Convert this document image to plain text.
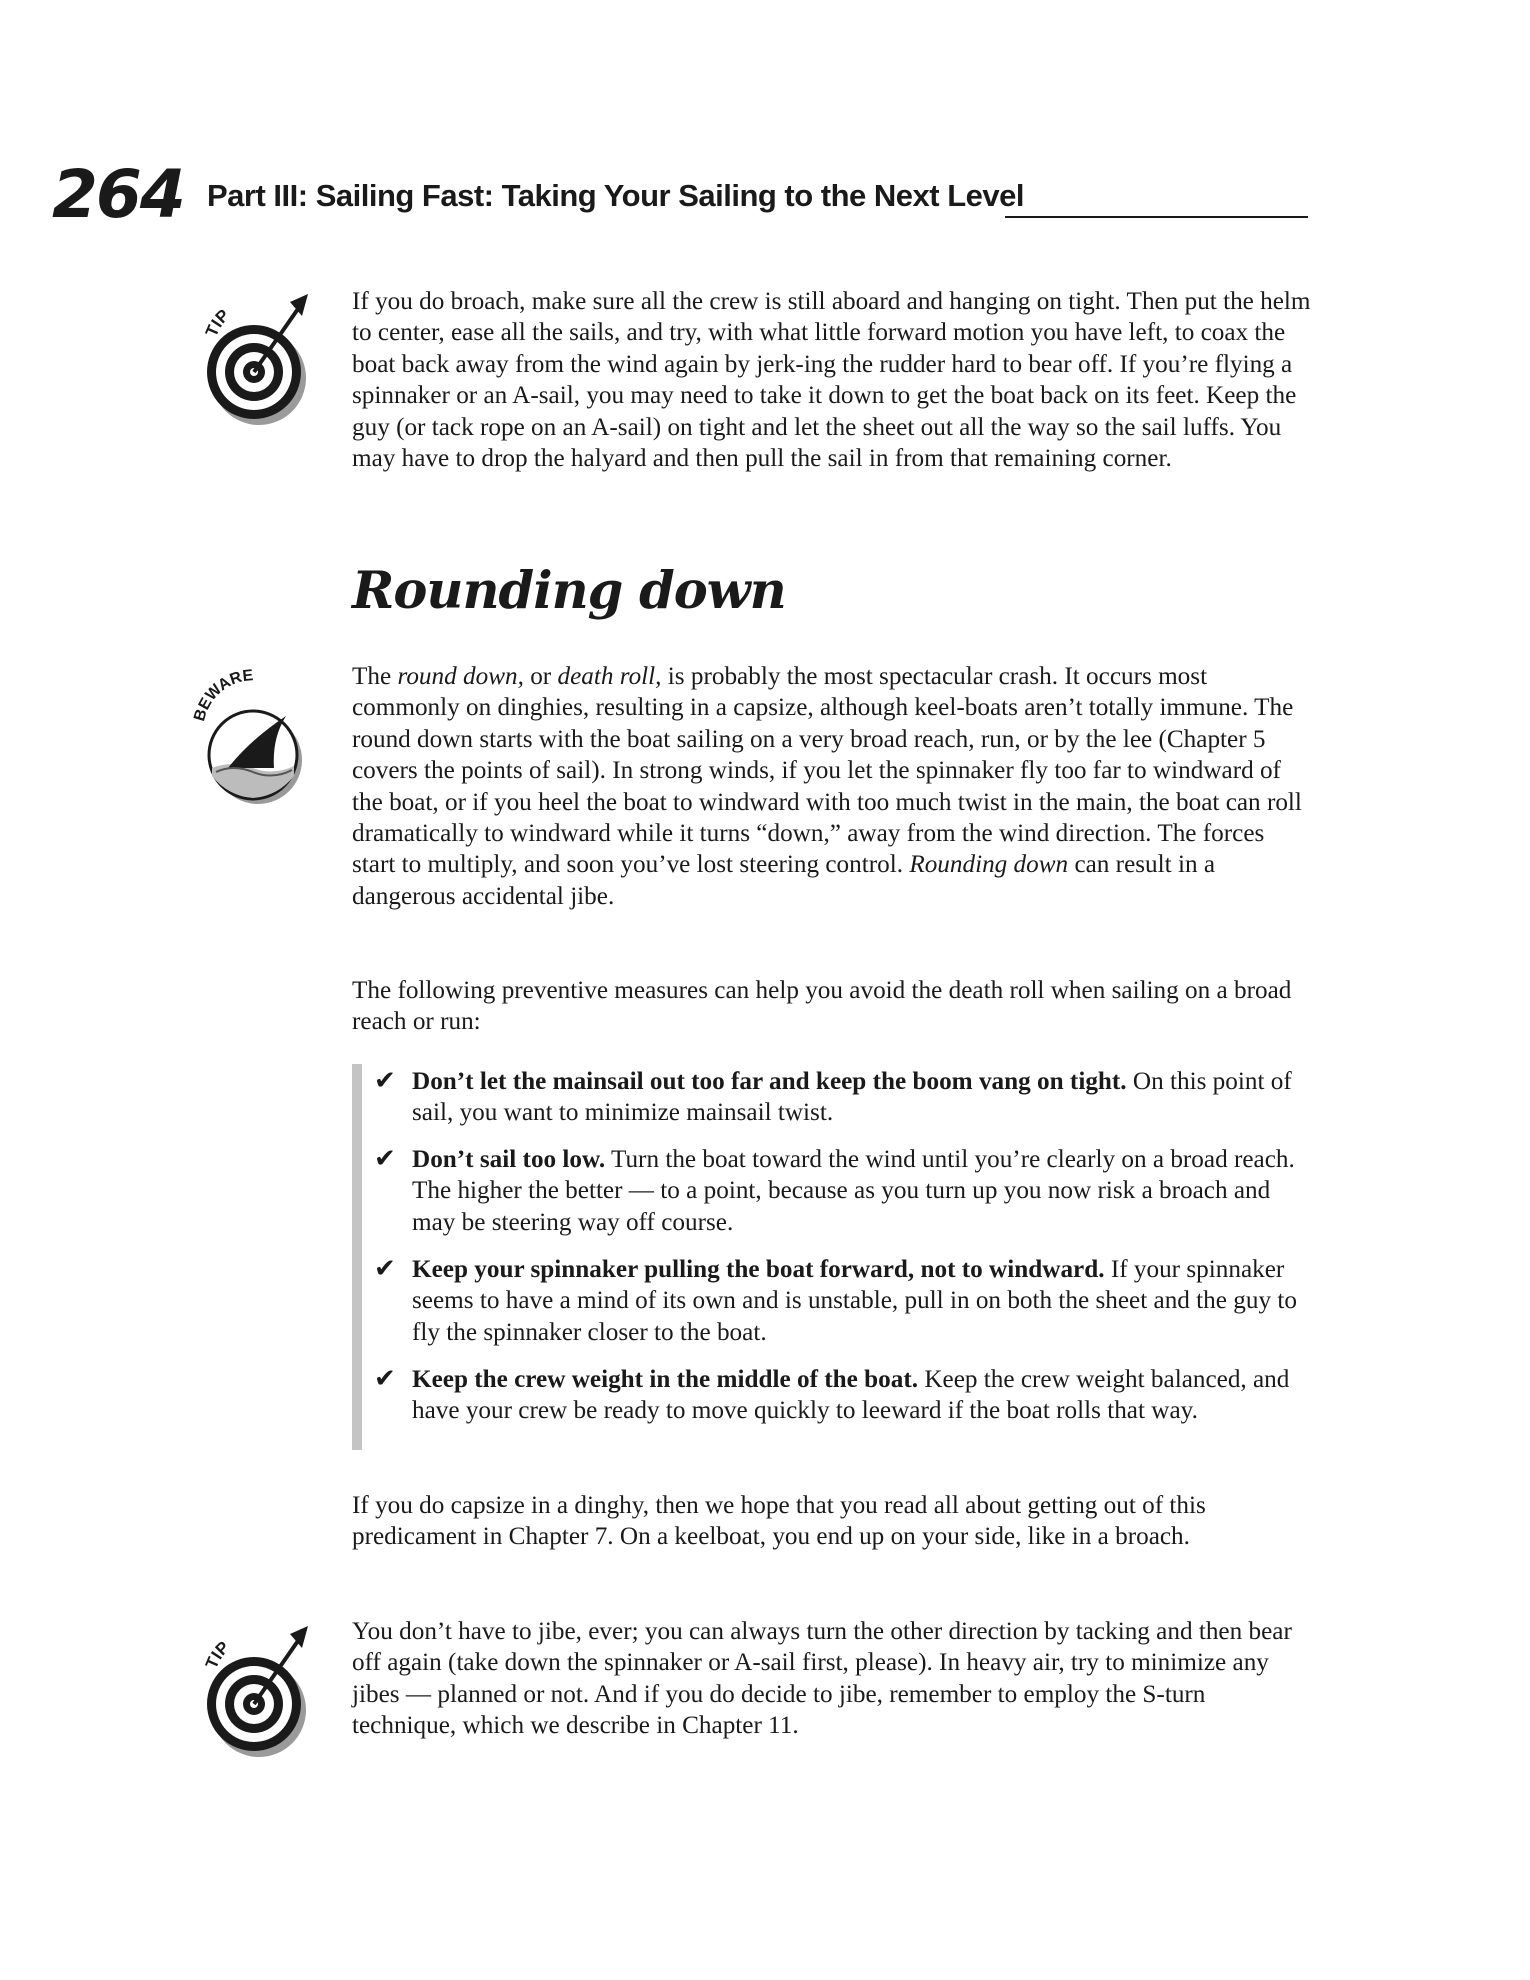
264 Part III: Sailing Fast: Taking Your Sailing to the Next Level
TIP

If you do broach, make sure all the crew is still aboard and hanging on tight. Then put the helm to center, ease all the sails, and try, with what little forward motion you have left, to coax the boat back away from the wind again by jerk-ing the rudder hard to bear off. If you’re flying a spinnaker or an A-sail, you may need to take it down to get the boat back on its feet. Keep the guy (or tack rope on an A-sail) on tight and let the sheet out all the way so the sail luffs. You may have to drop the halyard and then pull the sail in from that remaining corner.

Rounding down
BEWARE	The round down, or death roll, is probably the most spectacular crash. It occurs most commonly on dinghies, resulting in a capsize, although keel-boats aren’t totally immune. The round down starts with the boat sailing on a very broad reach, run, or by the lee (Chapter 5 covers the points of sail). In strong winds, if you let the spinnaker fly too far to windward of the boat, or if you heel the boat to windward with too much twist in the main, the boat can roll dramatically to windward while it turns “down,” away from the wind direction. The forces start to multiply, and soon you’ve lost steering control. Rounding down can result in a dangerous accidental jibe.

The following preventive measures can help you avoid the death roll when sailing on a broad reach or run:

✔ Don’t let the mainsail out too far and keep the boom vang on tight. On this point of sail, you want to minimize mainsail twist.
✔ Don’t sail too low. Turn the boat toward the wind until you’re clearly on a broad reach. The higher the better — to a point, because as you turn up you now risk a broach and may be steering way off course.
✔ Keep your spinnaker pulling the boat forward, not to windward. If your spinnaker seems to have a mind of its own and is unstable, pull in on both the sheet and the guy to fly the spinnaker closer to the boat.
✔ Keep the crew weight in the middle of the boat. Keep the crew weight balanced, and have your crew be ready to move quickly to leeward if the boat rolls that way.

If you do capsize in a dinghy, then we hope that you read all about getting out of this predicament in Chapter 7. On a keelboat, you end up on your side, like in a broach.

TIP

You don’t have to jibe, ever; you can always turn the other direction by tacking and then bear off again (take down the spinnaker or A-sail first, please). In heavy air, try to minimize any jibes — planned or not. And if you do decide to jibe, remember to employ the S-turn technique, which we describe in Chapter 11.
